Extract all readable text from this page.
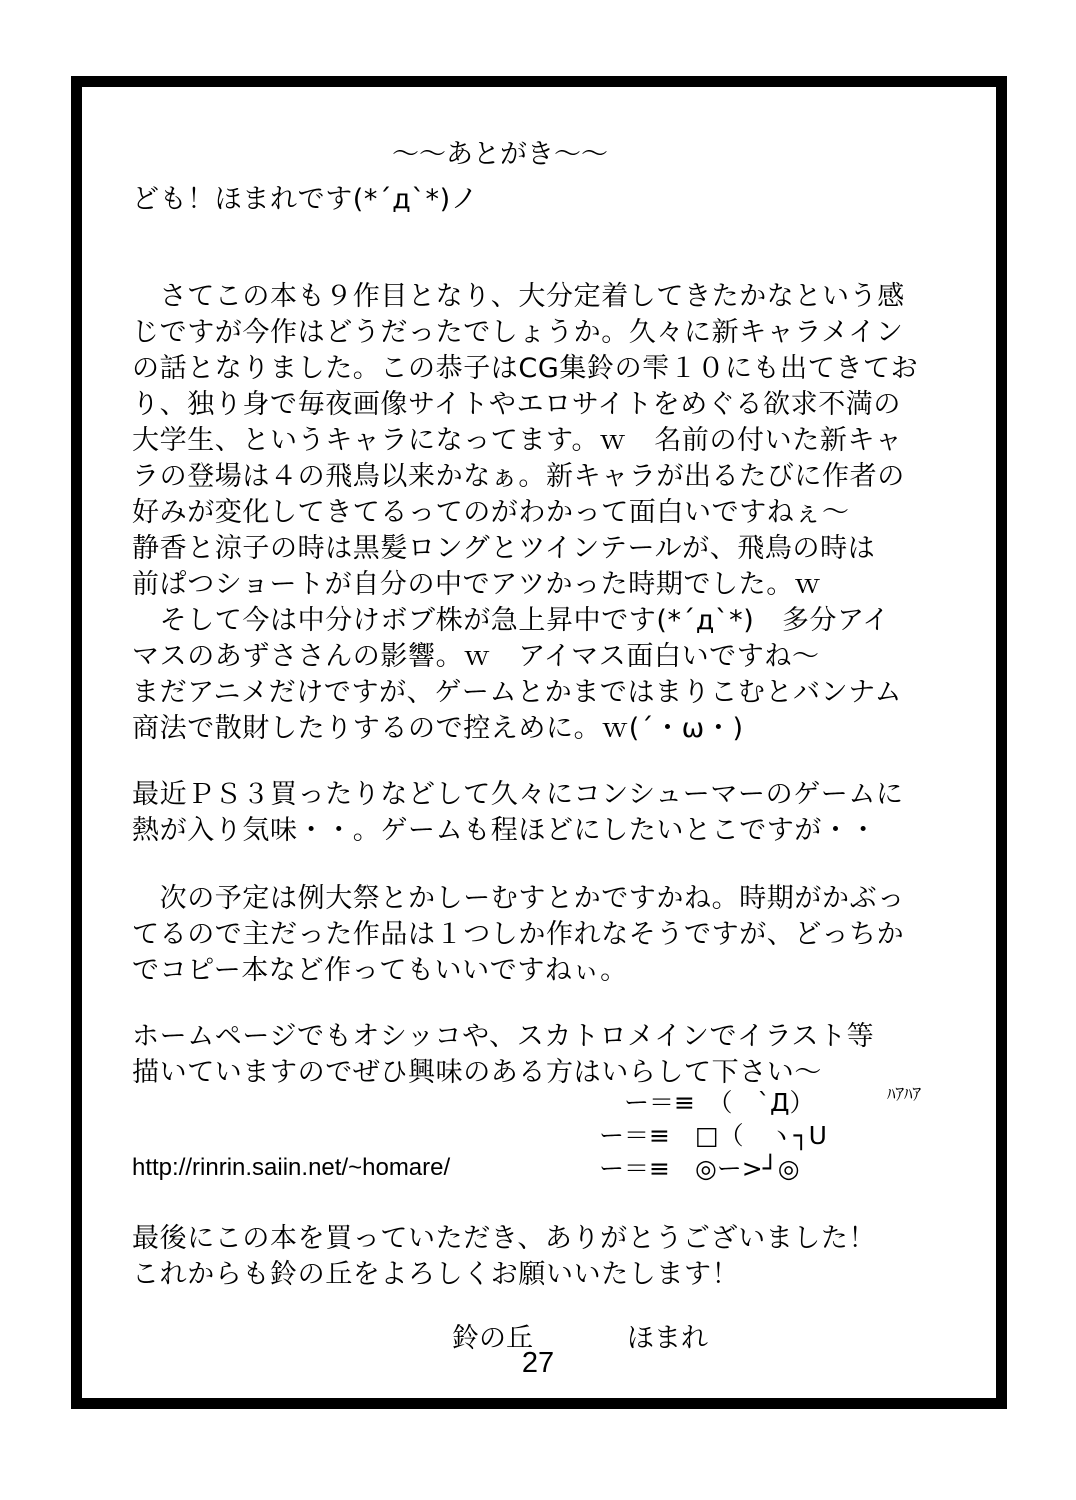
～～あとがき～～
ども！ほまれです(*´д`*)ノ
　さてこの本も９作目となり、大分定着してきたかなという感
じですが今作はどうだったでしょうか。久々に新キャラメイン
の話となりました。この恭子はCG集鈴の雫１０にも出てきてお
り、独り身で毎夜画像サイトやエロサイトをめぐる欲求不満の
大学生、というキャラになってます。ｗ　名前の付いた新キャ
ラの登場は４の飛鳥以来かなぁ。新キャラが出るたびに作者の
好みが変化してきてるってのがわかって面白いですねぇ～
静香と涼子の時は黒髪ロングとツインテールが、飛鳥の時は
前ぱつショートが自分の中でアツかった時期でした。ｗ
　そして今は中分けボブ株が急上昇中です(*´д`*)　多分アイ
マスのあずささんの影響。ｗ　アイマス面白いですね～
まだアニメだけですが、ゲームとかまではまりこむとバンナム
商法で散財したりするので控えめに。ｗ(´・ω・)
最近ＰＳ３買ったりなどして久々にコンシューマーのゲームに
熱が入り気味・・。ゲームも程ほどにしたいとこですが・・
　次の予定は例大祭とかしーむすとかですかね。時期がかぶっ
てるので主だった作品は１つしか作れなそうですが、どっちか
でコピー本など作ってもいいですねぃ。
ホームページでもオシッコや、スカトロメインでイラスト等
描いていますのでぜひ興味のある方はいらして下さい～
ー＝≡　（　`Д）	ﾊｱﾊｱ
ー＝≡　□（　ヽ┐U
ー＝≡　◎ー>┘◎
http://rinrin.saiin.net/~homare/
最後にこの本を買っていただき、ありがとうございました！
これからも鈴の丘をよろしくお願いいたします！
鈴の丘	ほまれ
27
